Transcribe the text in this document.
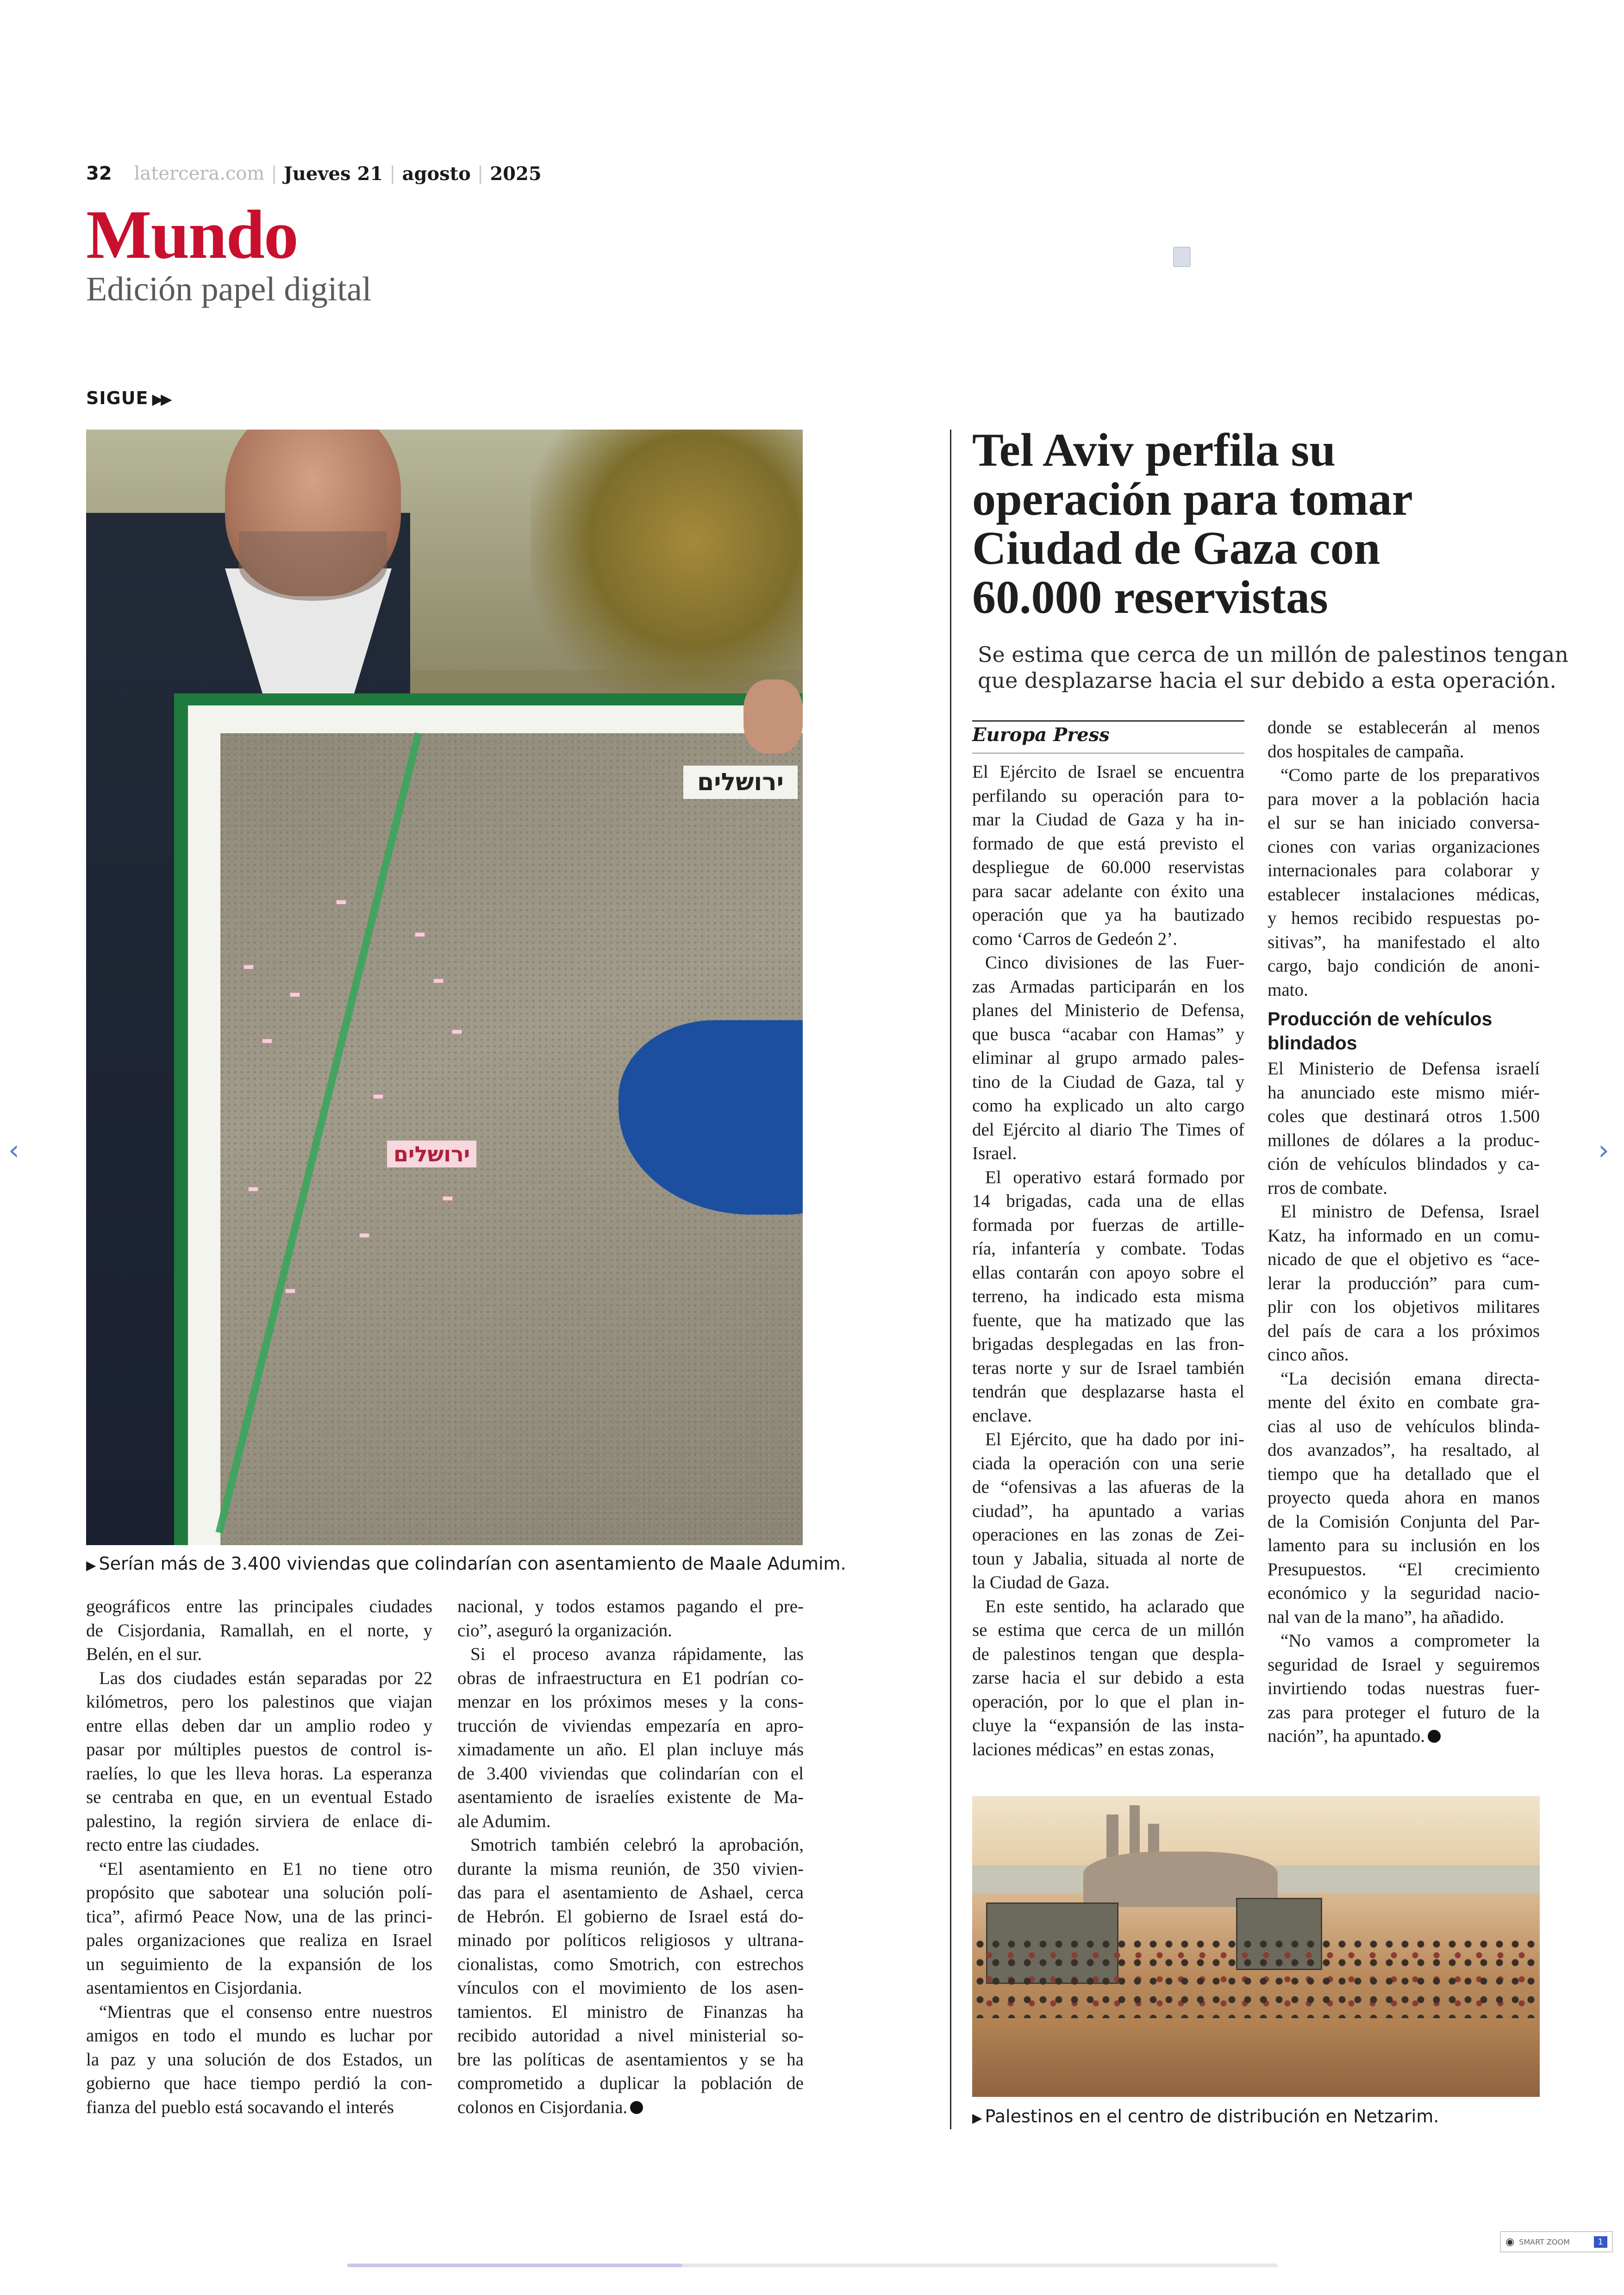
32 latercera.com | Jueves 21 | agosto | 2025
Mundo
Edición papel digital
SIGUE ▶▶
ירושלים
ירושלים
▶ Serían más de 3.400 viviendas que colindarían con asentamiento de Maale Adumim.
geográficos entre las principales ciudades
de Cisjordania, Ramallah, en el norte, y
Belén, en el sur.
Las dos ciudades están separadas por 22
kilómetros, pero los palestinos que viajan
entre ellas deben dar un amplio rodeo y
pasar por múltiples puestos de control is-
raelíes, lo que les lleva horas. La esperanza
se centraba en que, en un eventual Estado
palestino, la región sirviera de enlace di-
recto entre las ciudades.
“El asentamiento en E1 no tiene otro
propósito que sabotear una solución polí-
tica”, afirmó Peace Now, una de las princi-
pales organizaciones que realiza en Israel
un seguimiento de la expansión de los
asentamientos en Cisjordania.
“Mientras que el consenso entre nuestros
amigos en todo el mundo es luchar por
la paz y una solución de dos Estados, un
gobierno que hace tiempo perdió la con-
fianza del pueblo está socavando el interés
nacional, y todos estamos pagando el pre-
cio”, aseguró la organización.
Si el proceso avanza rápidamente, las
obras de infraestructura en E1 podrían co-
menzar en los próximos meses y la cons-
trucción de viviendas empezaría en apro-
ximadamente un año. El plan incluye más
de 3.400 viviendas que colindarían con el
asentamiento de israelíes existente de Ma-
ale Adumim.
Smotrich también celebró la aprobación,
durante la misma reunión, de 350 vivien-
das para el asentamiento de Ashael, cerca
de Hebrón. El gobierno de Israel está do-
minado por políticos religiosos y ultrana-
cionalistas, como Smotrich, con estrechos
vínculos con el movimiento de los asen-
tamientos. El ministro de Finanzas ha
recibido autoridad a nivel ministerial so-
bre las políticas de asentamientos y se ha
comprometido a duplicar la población de
colonos en Cisjordania.
Tel Aviv perfila su
operación para tomar
Ciudad de Gaza con
60.000 reservistas
Se estima que cerca de un millón de palestinos tengan
que desplazarse hacia el sur debido a esta operación.
Europa Press
El Ejército de Israel se encuentra
perfilando su operación para to-
mar la Ciudad de Gaza y ha in-
formado de que está previsto el
despliegue de 60.000 reservistas
para sacar adelante con éxito una
operación que ya ha bautizado
como ‘Carros de Gedeón 2’.
Cinco divisiones de las Fuer-
zas Armadas participarán en los
planes del Ministerio de Defensa,
que busca “acabar con Hamas” y
eliminar al grupo armado pales-
tino de la Ciudad de Gaza, tal y
como ha explicado un alto cargo
del Ejército al diario The Times of
Israel.
El operativo estará formado por
14 brigadas, cada una de ellas
formada por fuerzas de artille-
ría, infantería y combate. Todas
ellas contarán con apoyo sobre el
terreno, ha indicado esta misma
fuente, que ha matizado que las
brigadas desplegadas en las fron-
teras norte y sur de Israel también
tendrán que desplazarse hasta el
enclave.
El Ejército, que ha dado por ini-
ciada la operación con una serie
de “ofensivas a las afueras de la
ciudad”, ha apuntado a varias
operaciones en las zonas de Zei-
toun y Jabalia, situada al norte de
la Ciudad de Gaza.
En este sentido, ha aclarado que
se estima que cerca de un millón
de palestinos tengan que despla-
zarse hacia el sur debido a esta
operación, por lo que el plan in-
cluye la “expansión de las insta-
laciones médicas” en estas zonas,
donde se establecerán al menos
dos hospitales de campaña.
“Como parte de los preparativos
para mover a la población hacia
el sur se han iniciado conversa-
ciones con varias organizaciones
internacionales para colaborar y
establecer instalaciones médicas,
y hemos recibido respuestas po-
sitivas”, ha manifestado el alto
cargo, bajo condición de anoni-
mato.
Producción de vehículos
blindados
El Ministerio de Defensa israelí
ha anunciado este mismo miér-
coles que destinará otros 1.500
millones de dólares a la produc-
ción de vehículos blindados y ca-
rros de combate.
El ministro de Defensa, Israel
Katz, ha informado en un comu-
nicado de que el objetivo es “ace-
lerar la producción” para cum-
plir con los objetivos militares
del país de cara a los próximos
cinco años.
“La decisión emana directa-
mente del éxito en combate gra-
cias al uso de vehículos blinda-
dos avanzados”, ha resaltado, al
tiempo que ha detallado que el
proyecto queda ahora en manos
de la Comisión Conjunta del Par-
lamento para su inclusión en los
Presupuestos. “El crecimiento
económico y la seguridad nacio-
nal van de la mano”, ha añadido.
“No vamos a comprometer la
seguridad de Israel y seguiremos
invirtiendo todas nuestras fuer-
zas para proteger el futuro de la
nación”, ha apuntado.
▶ Palestinos en el centro de distribución en Netzarim.
‹	›
◉ SMART ZOOM	1
